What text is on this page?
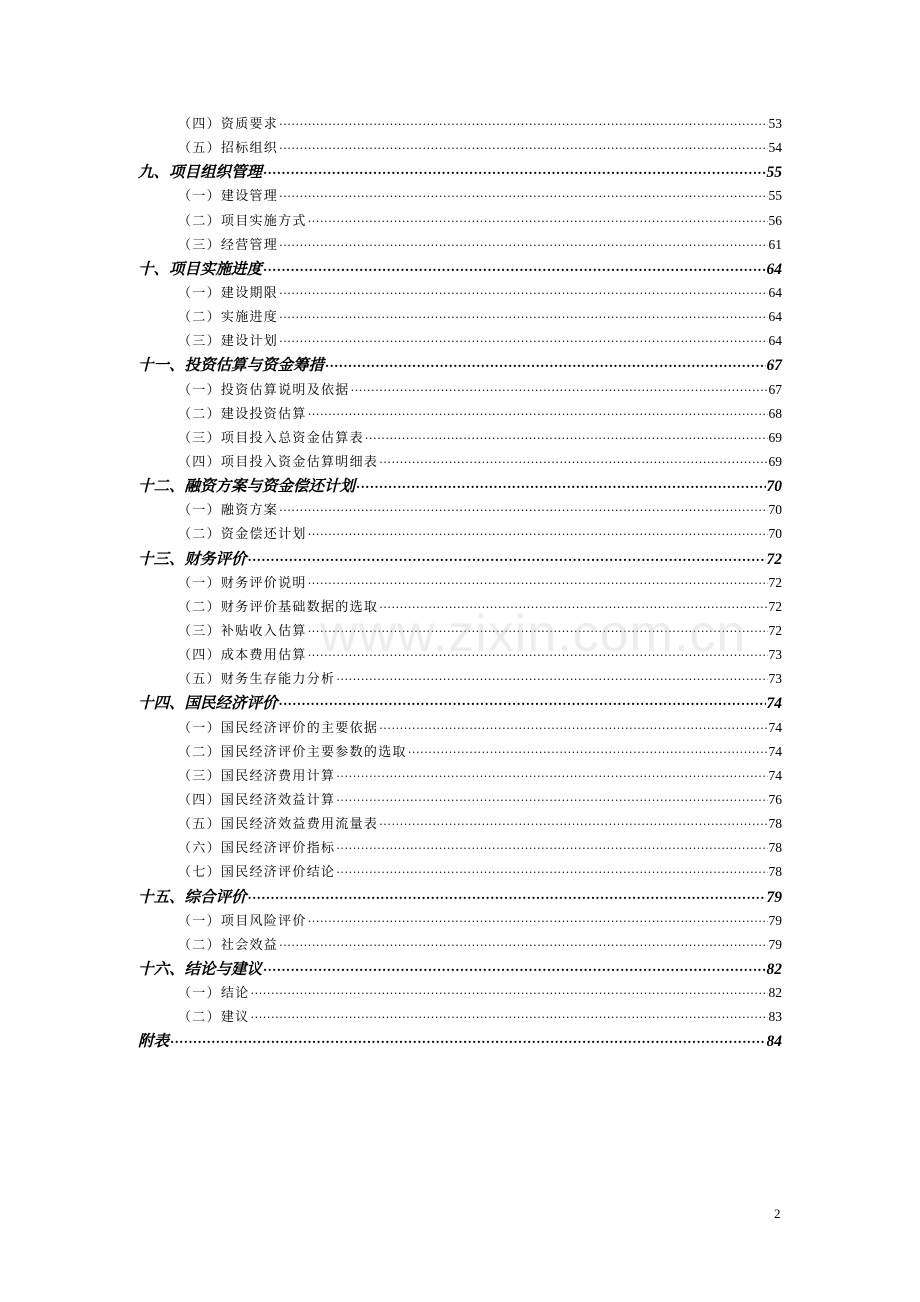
（四）资质要求 .....	53
（五）招标组织 .....	54
九、项目组织管理 .....	55
（一）建设管理 .....	55
（二）项目实施方式 .....	56
（三）经营管理 .....	61
十、项目实施进度 .....	64
（一）建设期限 .....	64
（二）实施进度 .....	64
（三）建设计划 .....	64
十一、投资估算与资金筹措 .....	67
（一）投资估算说明及依据 .....	67
（二）建设投资估算 .....	68
（三）项目投入总资金估算表 .....	69
（四）项目投入资金估算明细表 .....	69
十二、融资方案与资金偿还计划 .....	70
（一）融资方案 .....	70
（二）资金偿还计划 .....	70
十三、财务评价 .....	72
（一）财务评价说明 .....	72
（二）财务评价基础数据的选取 .....	72
（三）补贴收入估算 .....	72
（四）成本费用估算 .....	73
（五）财务生存能力分析 .....	73
十四、国民经济评价 .....	74
（一）国民经济评价的主要依据 .....	74
（二）国民经济评价主要参数的选取 .....	74
（三）国民经济费用计算 .....	74
（四）国民经济效益计算 .....	76
（五）国民经济效益费用流量表 .....	78
（六）国民经济评价指标 .....	78
（七）国民经济评价结论 .....	78
十五、综合评价 .....	79
（一）项目风险评价 .....	79
（二）社会效益 .....	79
十六、结论与建议 .....	82
（一）结论 .....	82
（二）建议 .....	83
附表 .....	84
www.zixin.com.cn
2
